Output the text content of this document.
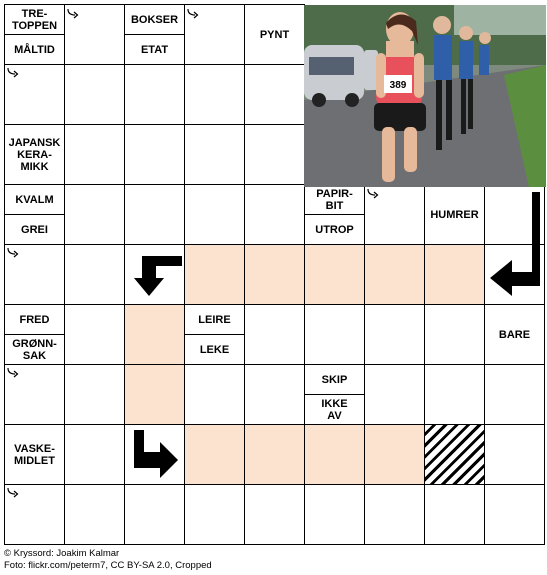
TRE-
TOPPEN
MÅLTID
BOKSER
ETAT
PYNT
JAPANSK
KERA-
MIKK
KVALM
GREI
PAPIR-
BIT
UTROP
HUMRER
FRED
GRØNN-
SAK
LEIRE
LEKE
BARE
SKIP
IKKE
AV
VASKE-
MIDLET
389
© Kryssord: Joakim Kalmar
Foto: flickr.com/peterm7, CC BY-SA 2.0, Cropped
